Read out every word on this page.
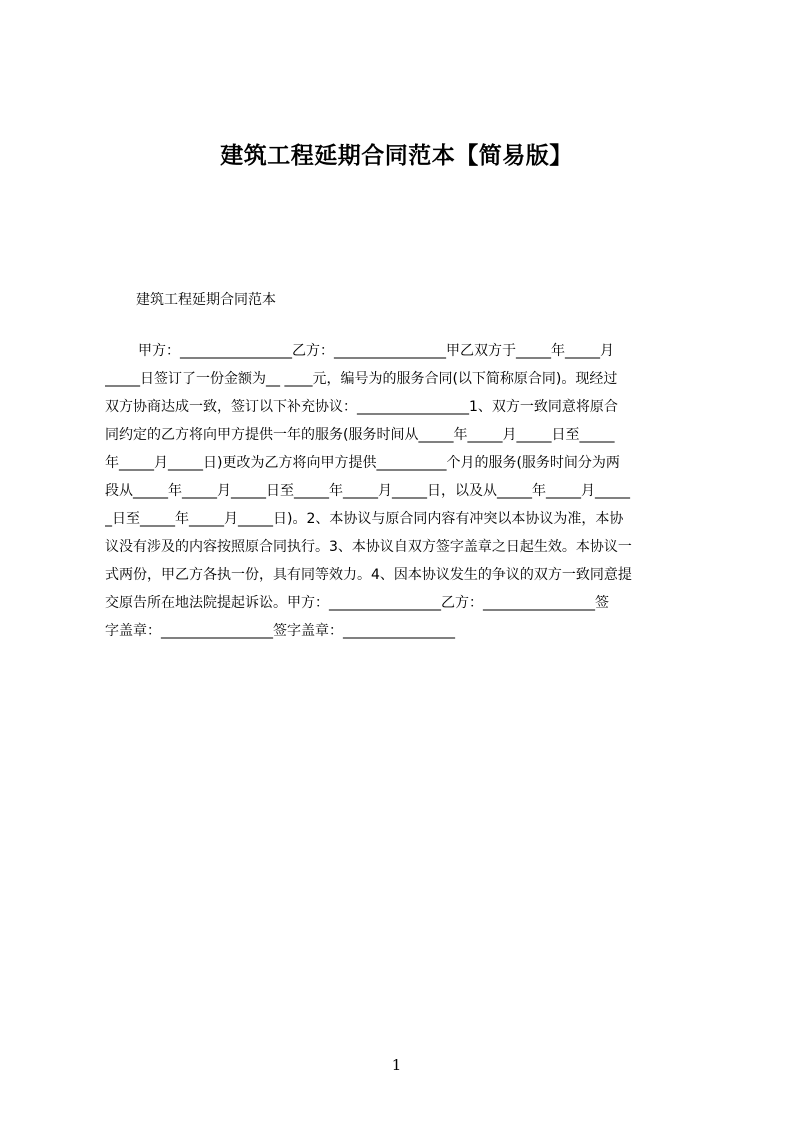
建筑工程延期合同范本【简易版】
建筑工程延期合同范本
甲方：________________乙方：________________甲乙双方于_____年_____月
_____日签订了一份金额为__ ____元，编号为的服务合同(以下简称原合同)。现经过
双方协商达成一致，签订以下补充协议：________________1、双方一致同意将原合
同约定的乙方将向甲方提供一年的服务(服务时间从_____年_____月_____日至_____
年_____月_____日)更改为乙方将向甲方提供__________个月的服务(服务时间分为两
段从_____年_____月_____日至_____年_____月_____日，以及从_____年_____月_____
_日至_____年_____月_____日)。2、本协议与原合同内容有冲突以本协议为准，本协
议没有涉及的内容按照原合同执行。3、本协议自双方签字盖章之日起生效。本协议一
式两份，甲乙方各执一份，具有同等效力。4、因本协议发生的争议的双方一致同意提
交原告所在地法院提起诉讼。甲方：________________乙方：________________签
字盖章：________________签字盖章：________________
1
